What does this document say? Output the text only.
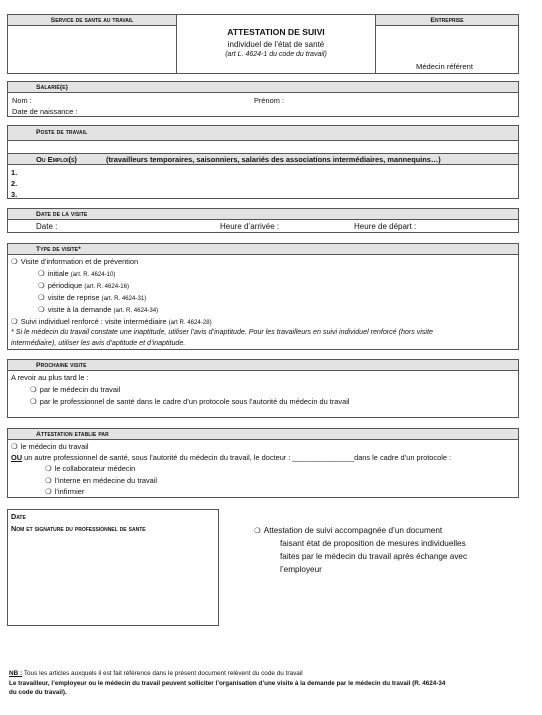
Service de sante au travail
ATTESTATION DE SUIVI
individuel de l’état de santé
(art L. 4624-1 du code du travail)
Entreprise
Médecin référent
Salarié(e)
Nom :	Prénom :
Date de naissance :
Poste de travail
Ou Emploi(s)	(travailleurs temporaires, saisonniers, salariés des associations intermédiaires, mannequins…)
1.
2.
3.
Date de la visite
Date :	Heure d’arrivée :	Heure de départ :
Type de visite*
❍ Visite d’information et de prévention
❍ initiale (art. R. 4624-10)
❍ périodique (art. R. 4624-16)
❍ visite de reprise (art. R. 4624-31)
❍ visite à la demande (art. R. 4624-34)
❍ Suivi individuel renforcé : visite intermédiaire (art R. 4624-28)
* Si le médecin du travail constate une inaptitude, utiliser l’avis d’inaptitude. Pour les travailleurs en suivi individuel renforcé (hors visite
intermédiaire), utiliser les avis d’aptitude et d’inaptitude.
Prochaine visite
A revoir au plus tard le :
❍ par le médecin du travail
❍ par le professionnel de santé dans le cadre d’un protocole sous l’autorité du médecin du travail
Attestation etablie par
❍ le médecin du travail
OU un autre professionnel de santé, sous l’autorité du médecin du travail, le docteur : _______________dans le cadre d’un protocole :
❍ le collaborateur médecin
❍ l’interne en médecine du travail
❍ l’infirmier
Date
Nom et signature du professionnel de sante	❍ Attestation de suivi accompagnée d’un document
faisant état de proposition de mesures individuelles
faites par le médecin du travail après échange avec
l’employeur
NB : Tous les articles auxquels il est fait référence dans le présent document relèvent du code du travail
Le travailleur, l’employeur ou le médecin du travail peuvent solliciter l’organisation d’une visite à la demande par le médecin du travail (R. 4624-34
du code du travail).
